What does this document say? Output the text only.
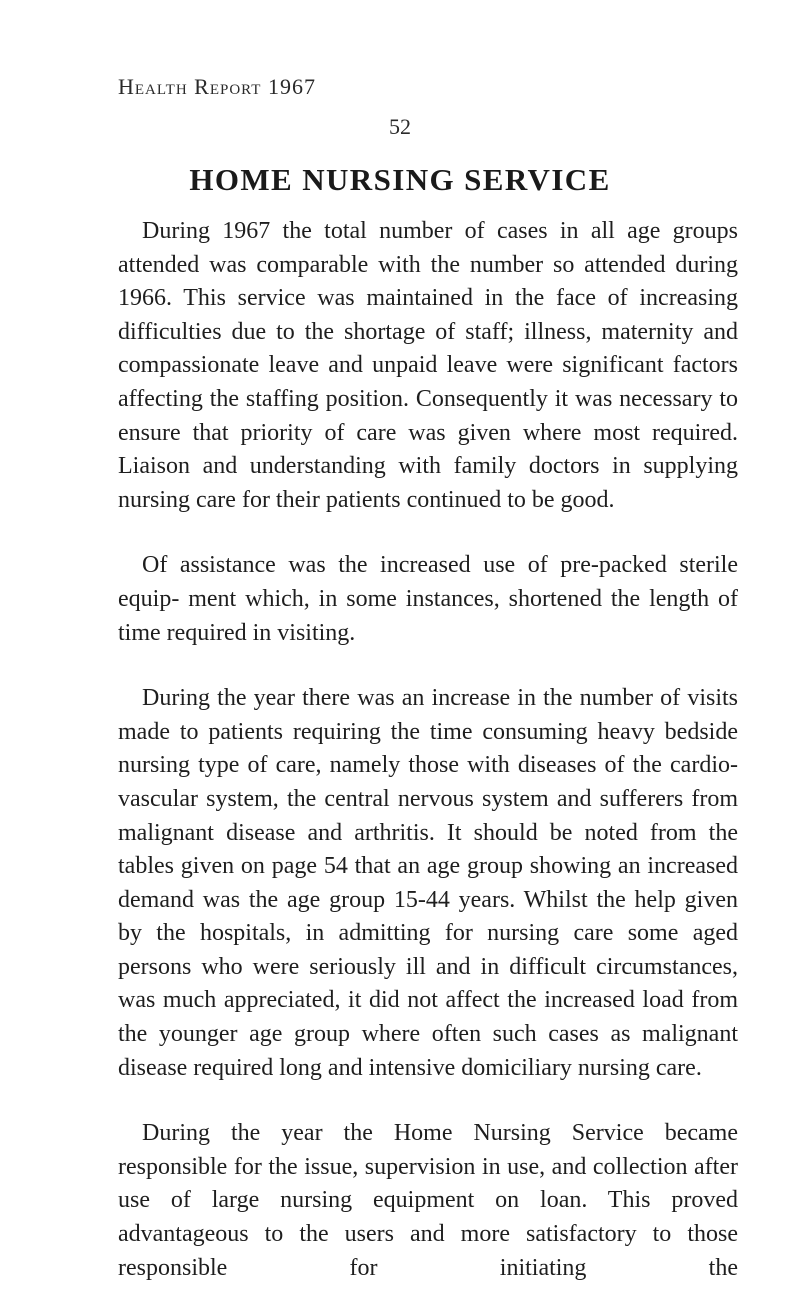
Health Report 1967
52
HOME NURSING SERVICE

During 1967 the total number of cases in all age groups attended was comparable with the number so attended during 1966. This service was maintained in the face of increasing difficulties due to the shortage of staff; illness, maternity and compassionate leave and unpaid leave were significant factors affecting the staffing position. Consequently it was necessary to ensure that priority of care was given where most required. Liaison and understanding with family doctors in supplying nursing care for their patients continued to be good.

Of assistance was the increased use of pre-packed sterile equip- ment which, in some instances, shortened the length of time required in visiting.

During the year there was an increase in the number of visits made to patients requiring the time consuming heavy bedside nursing type of care, namely those with diseases of the cardio- vascular system, the central nervous system and sufferers from malignant disease and arthritis. It should be noted from the tables given on page 54 that an age group showing an increased demand was the age group 15-44 years. Whilst the help given by the hospitals, in admitting for nursing care some aged persons who were seriously ill and in difficult circumstances, was much appreciated, it did not affect the increased load from the younger age group where often such cases as malignant disease required long and intensive domiciliary nursing care.

During the year the Home Nursing Service became responsible for the issue, supervision in use, and collection after use of large nursing equipment on loan. This proved advantageous to the users and more satisfactory to those responsible for initiating the
